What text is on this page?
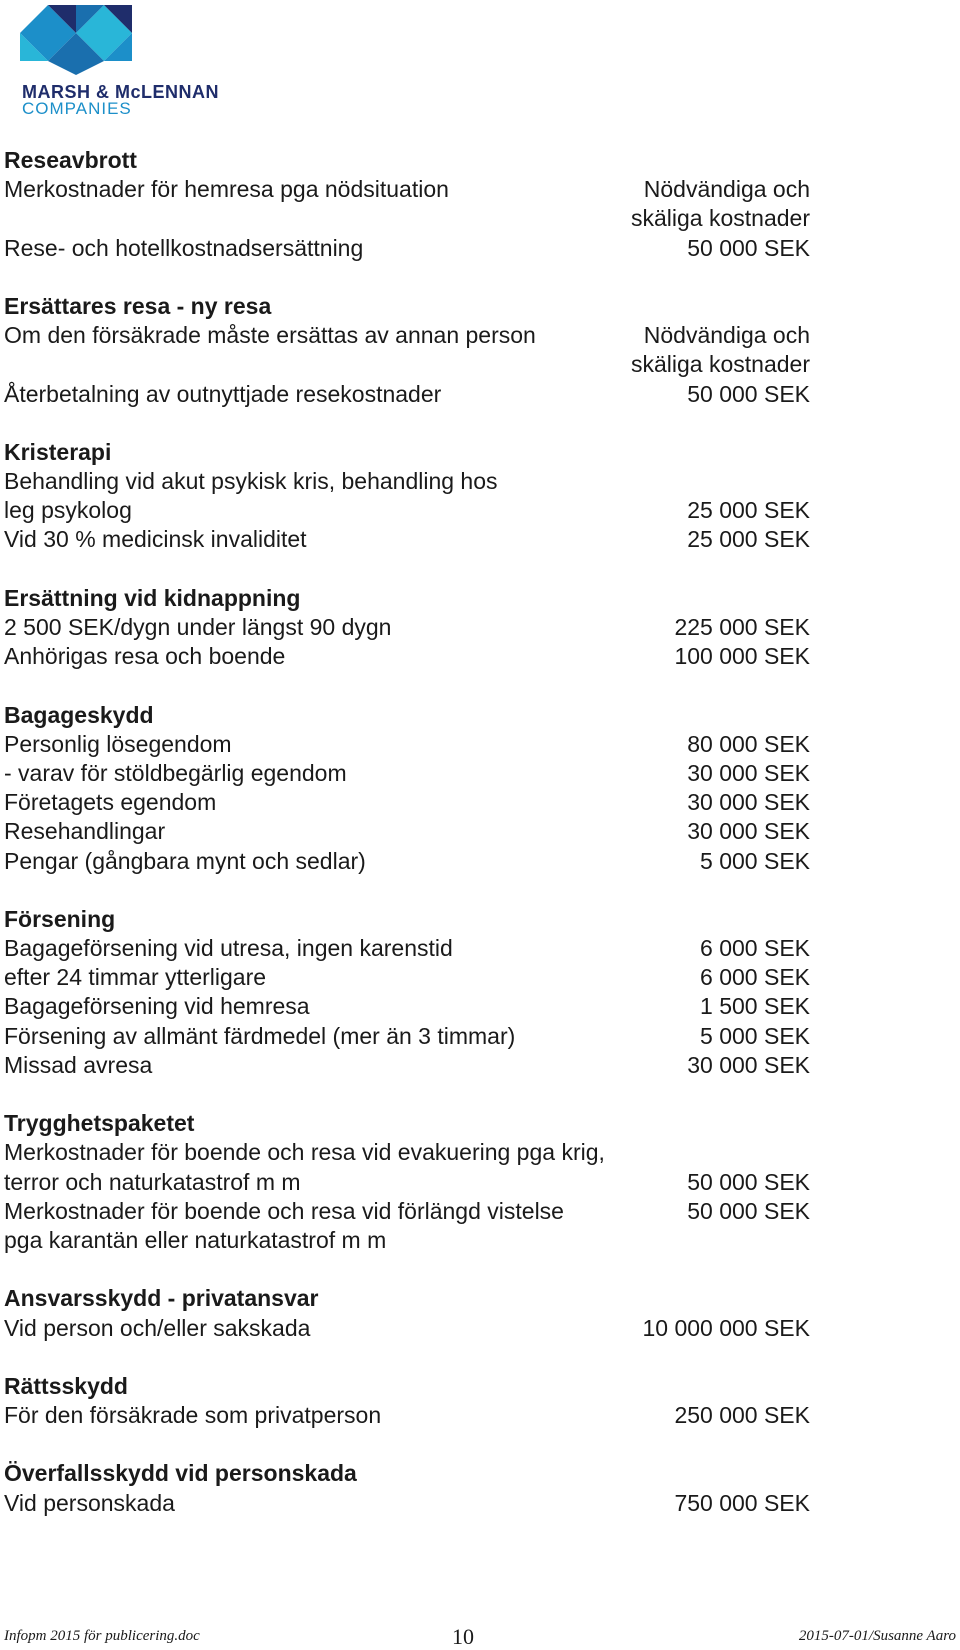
MARSH & McLENNAN
COMPANIES
Reseavbrott
Merkostnader för hemresa pga nödsituation	Nödvändiga och
skäliga kostnader
Rese- och hotellkostnadsersättning	50 000 SEK
Ersättares resa - ny resa
Om den försäkrade måste ersättas av annan person	Nödvändiga och
skäliga kostnader
Återbetalning av outnyttjade resekostnader	50 000 SEK
Kristerapi
Behandling vid akut psykisk kris, behandling hos
leg psykolog	25 000 SEK
Vid 30 % medicinsk invaliditet	25 000 SEK
Ersättning vid kidnappning
2 500 SEK/dygn under längst 90 dygn	225 000 SEK
Anhörigas resa och boende	100 000 SEK
Bagageskydd
Personlig lösegendom	80 000 SEK
- varav för stöldbegärlig egendom	30 000 SEK
Företagets egendom	30 000 SEK
Resehandlingar	30 000 SEK
Pengar (gångbara mynt och sedlar)	5 000 SEK
Försening
Bagageförsening vid utresa, ingen karenstid	6 000 SEK
efter 24 timmar ytterligare	6 000 SEK
Bagageförsening vid hemresa	1 500 SEK
Försening av allmänt färdmedel (mer än 3 timmar)	5 000 SEK
Missad avresa	30 000 SEK
Trygghetspaketet
Merkostnader för boende och resa vid evakuering pga krig,
terror och naturkatastrof m m	50 000 SEK
Merkostnader för boende och resa vid förlängd vistelse	50 000 SEK
pga karantän eller naturkatastrof m m
Ansvarsskydd - privatansvar
Vid person och/eller sakskada	10 000 000 SEK
Rättsskydd
För den försäkrade som privatperson	250 000 SEK
Överfallsskydd vid personskada
Vid personskada	750 000 SEK
Infopm 2015 för publicering.doc	10	2015-07-01/Susanne Aaro
